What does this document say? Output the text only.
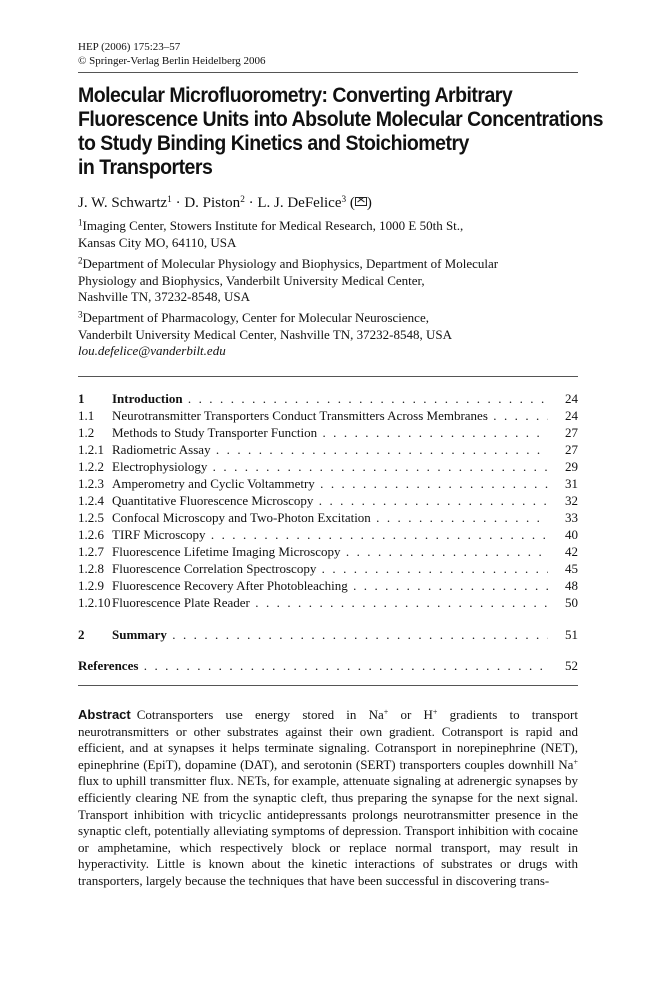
HEP (2006) 175:23–57
© Springer-Verlag Berlin Heidelberg 2006
Molecular Microfluorometry: Converting Arbitrary
Fluorescence Units into Absolute Molecular Concentrations
to Study Binding Kinetics and Stoichiometry
in Transporters
J. W. Schwartz$^1$ · D. Piston$^2$ · L. J. DeFelice$^3$ ( )
$^1$Imaging Center, Stowers Institute for Medical Research, 1000 E 50th St.,
Kansas City MO, 64110, USA
$^2$Department of Molecular Physiology and Biophysics, Department of Molecular
Physiology and Biophysics, Vanderbilt University Medical Center,
Nashville TN, 37232-8548, USA
$^3$Department of Pharmacology, Center for Molecular Neuroscience,
Vanderbilt University Medical Center, Nashville TN, 37232-8548, USA
lou.defelice@vanderbilt.edu
1 Introduction . . .	24
1.1 Neurotransmitter Transporters Conduct Transmitters Across Membranes . . .	24
1.2 Methods to Study Transporter Function . . .	27
1.2.1 Radiometric Assay . . .	27
1.2.2 Electrophysiology . . .	29
1.2.3 Amperometry and Cyclic Voltammetry . . .	31
1.2.4 Quantitative Fluorescence Microscopy . . .	32
1.2.5 Confocal Microscopy and Two-Photon Excitation . . .	33
1.2.6 TIRF Microscopy . . .	40
1.2.7 Fluorescence Lifetime Imaging Microscopy . . .	42
1.2.8 Fluorescence Correlation Spectroscopy . . .	45
1.2.9 Fluorescence Recovery After Photobleaching . . .	48
1.2.10 Fluorescence Plate Reader . . .	50
2 Summary . . .	51
References . . .	52

Abstract Cotransporters use energy stored in Na+ or H+ gradients to transport neurotransmitters or other substrates against their own gradient. Cotransport is rapid and efficient, and at synapses it helps terminate signaling. Cotransport in norepinephrine (NET), epinephrine (EpiT), dopamine (DAT), and serotonin (SERT) transporters couples downhill Na+ flux to uphill transmitter flux. NETs, for example, attenuate signaling at adrenergic synapses by efficiently clearing NE from the synaptic cleft, thus preparing the synapse for the next signal. Transport inhibition with tricyclic antidepressants prolongs neurotransmitter presence in the synaptic cleft, potentially alleviating symptoms of depression. Transport inhibition with cocaine or amphetamine, which respectively block or replace normal transport, may result in hyperactivity. Little is known about the kinetic interactions of substrates or drugs with transporters, largely because the techniques that have been successful in discovering trans-
